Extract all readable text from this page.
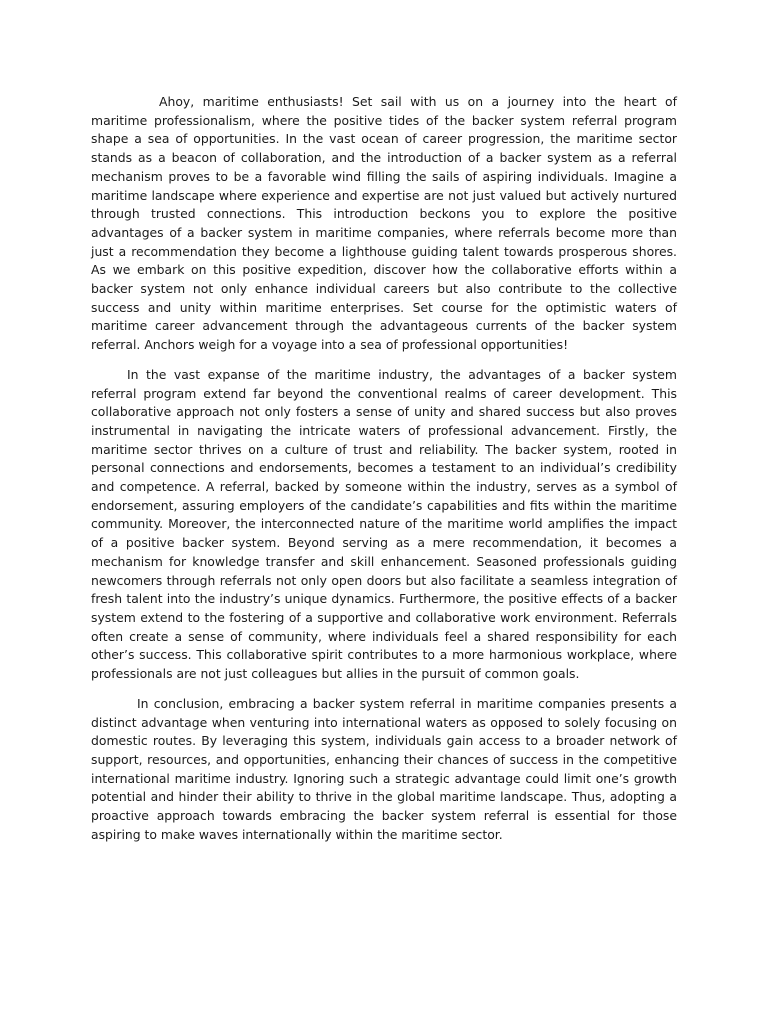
Ahoy, maritime enthusiasts! Set sail with us on a journey into the heart of maritime professionalism, where the positive tides of the backer system referral program shape a sea of opportunities. In the vast ocean of career progression, the maritime sector stands as a beacon of collaboration, and the introduction of a backer system as a referral mechanism proves to be a favorable wind filling the sails of aspiring individuals. Imagine a maritime landscape where experience and expertise are not just valued but actively nurtured through trusted connections. This introduction beckons you to explore the positive advantages of a backer system in maritime companies, where referrals become more than just a recommendation they become a lighthouse guiding talent towards prosperous shores. As we embark on this positive expedition, discover how the collaborative efforts within a backer system not only enhance individual careers but also contribute to the collective success and unity within maritime enterprises. Set course for the optimistic waters of maritime career advancement through the advantageous currents of the backer system referral. Anchors weigh for a voyage into a sea of professional opportunities!

In the vast expanse of the maritime industry, the advantages of a backer system referral program extend far beyond the conventional realms of career development. This collaborative approach not only fosters a sense of unity and shared success but also proves instrumental in navigating the intricate waters of professional advancement. Firstly, the maritime sector thrives on a culture of trust and reliability. The backer system, rooted in personal connections and endorsements, becomes a testament to an individual’s credibility and competence. A referral, backed by someone within the industry, serves as a symbol of endorsement, assuring employers of the candidate’s capabilities and fits within the maritime community. Moreover, the interconnected nature of the maritime world amplifies the impact of a positive backer system. Beyond serving as a mere recommendation, it becomes a mechanism for knowledge transfer and skill enhancement. Seasoned professionals guiding newcomers through referrals not only open doors but also facilitate a seamless integration of fresh talent into the industry’s unique dynamics. Furthermore, the positive effects of a backer system extend to the fostering of a supportive and collaborative work environment. Referrals often create a sense of community, where individuals feel a shared responsibility for each other’s success. This collaborative spirit contributes to a more harmonious workplace, where professionals are not just colleagues but allies in the pursuit of common goals.

In conclusion, embracing a backer system referral in maritime companies presents a distinct advantage when venturing into international waters as opposed to solely focusing on domestic routes. By leveraging this system, individuals gain access to a broader network of support, resources, and opportunities, enhancing their chances of success in the competitive international maritime industry. Ignoring such a strategic advantage could limit one’s growth potential and hinder their ability to thrive in the global maritime landscape. Thus, adopting a proactive approach towards embracing the backer system referral is essential for those aspiring to make waves internationally within the maritime sector.
